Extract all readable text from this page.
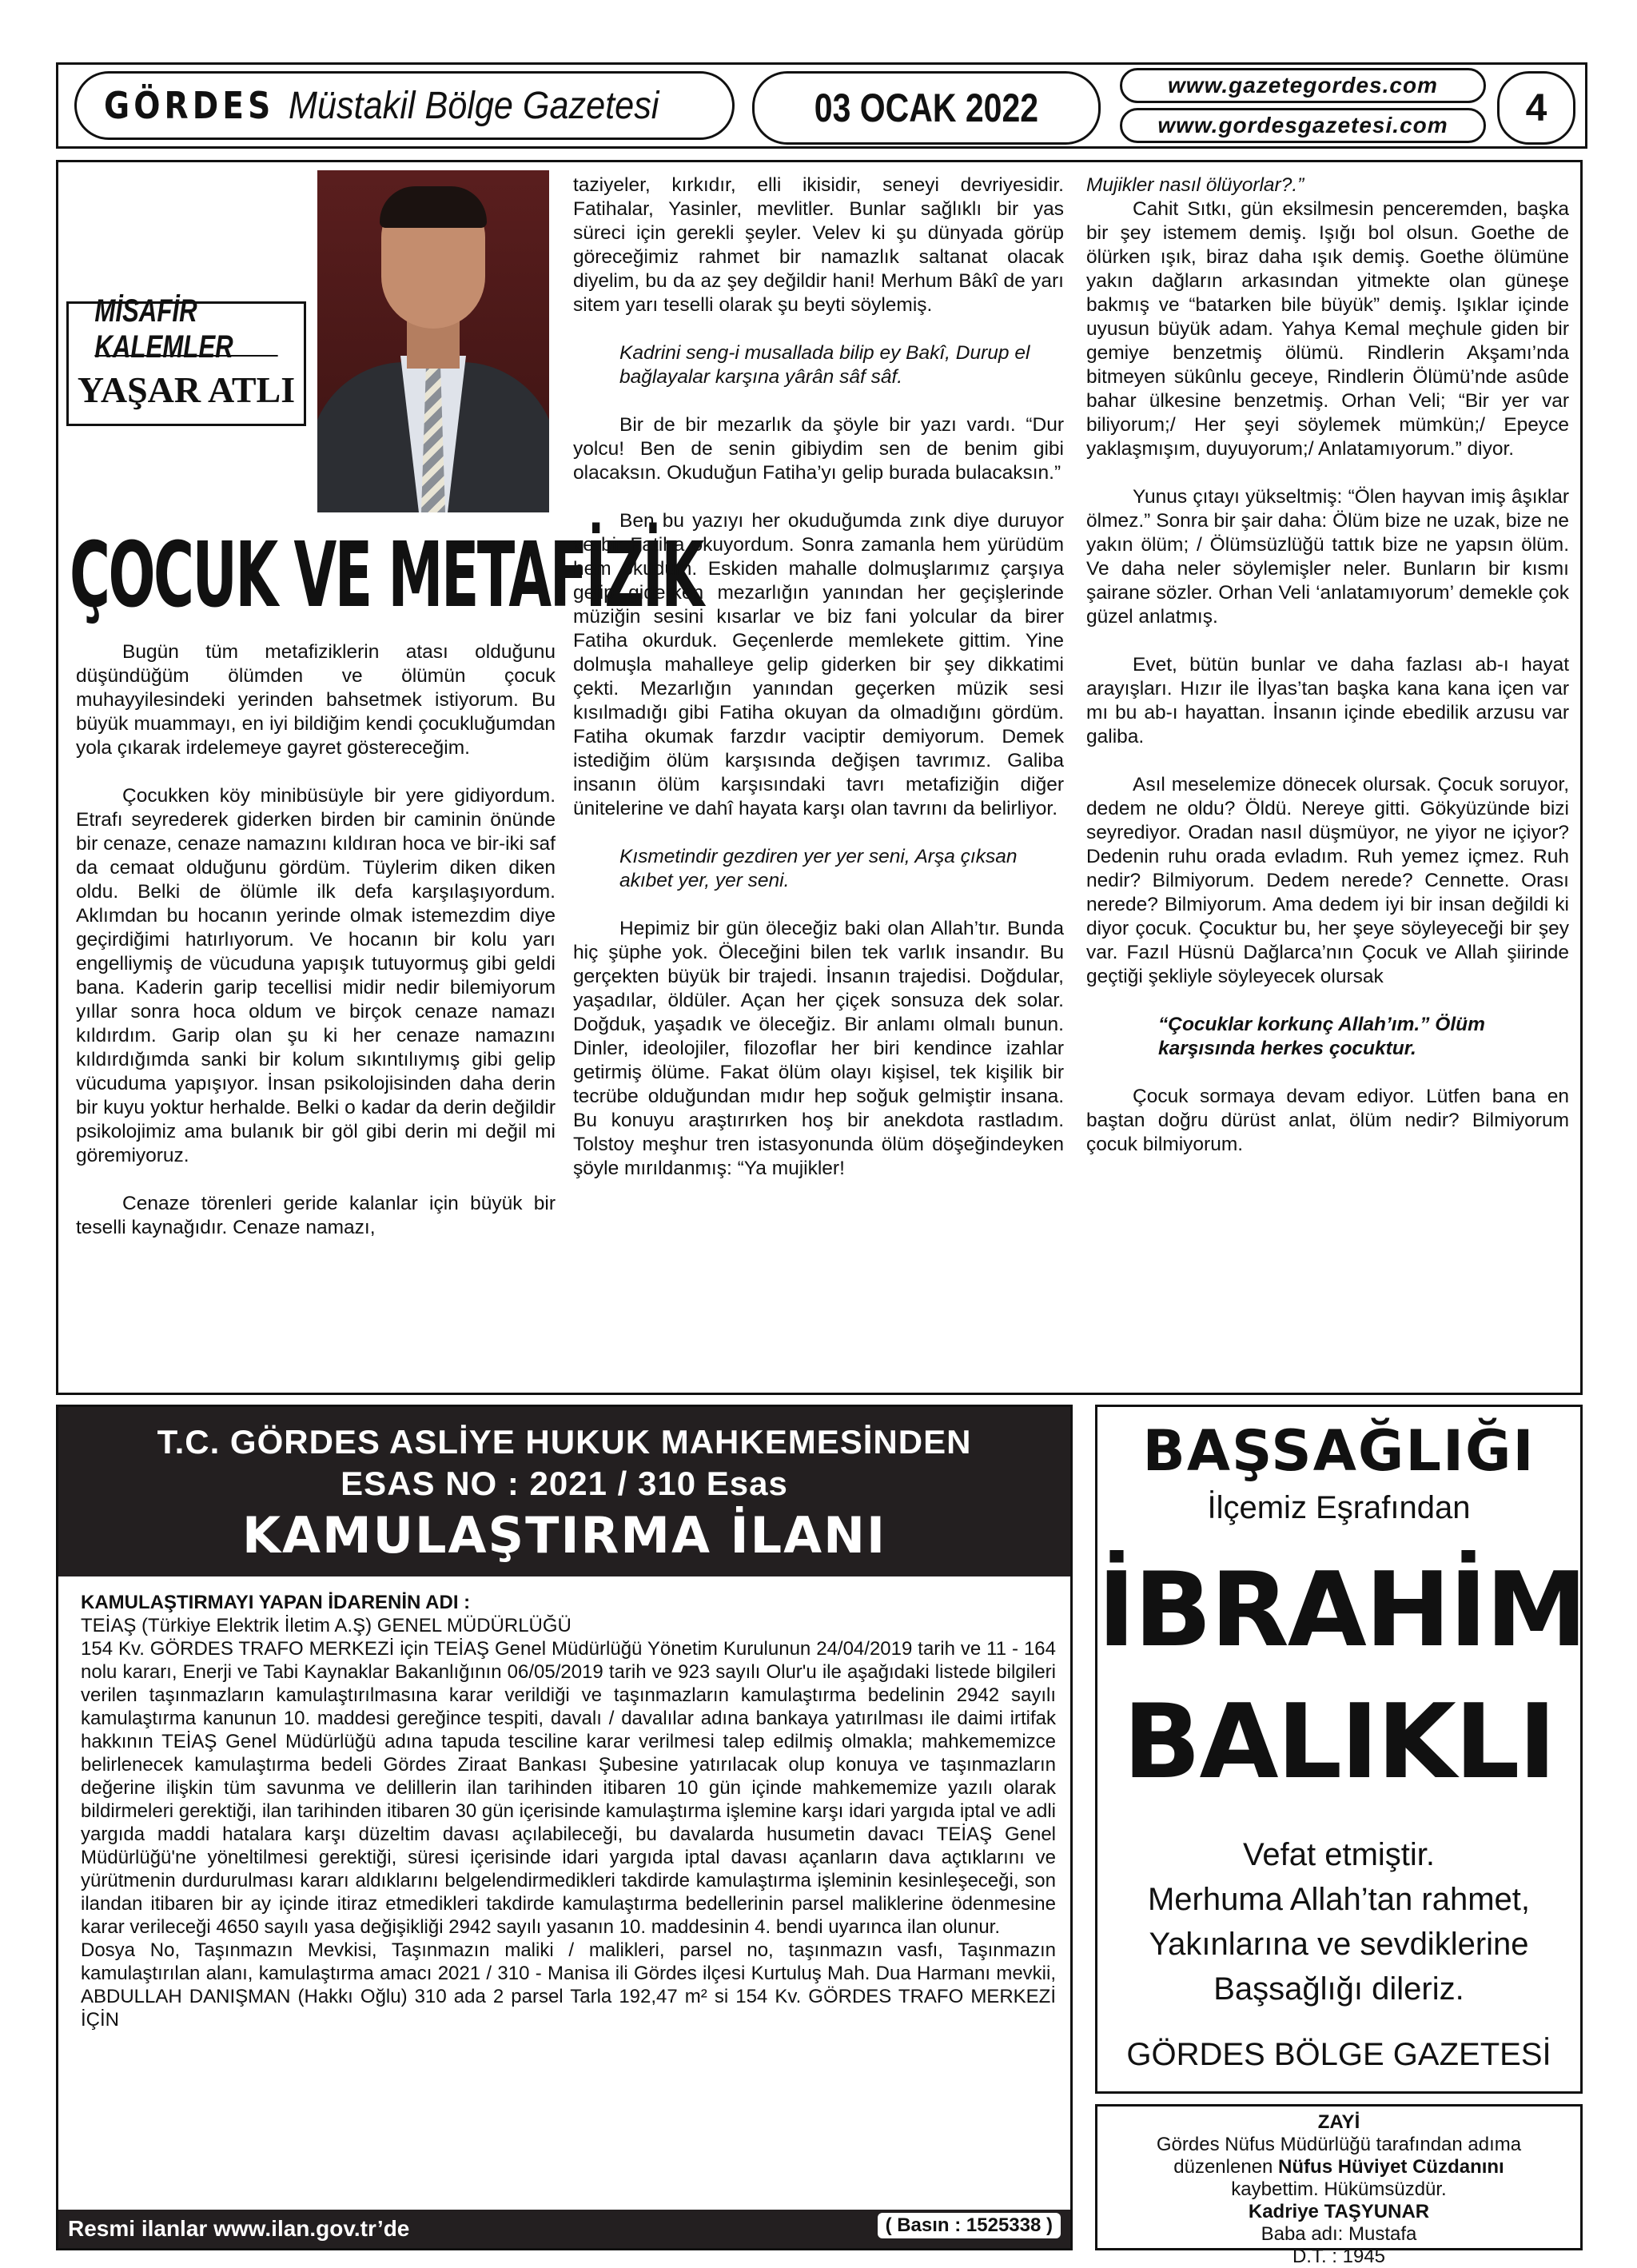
GÖRDES Müstakil Bölge Gazetesi	03 OCAK 2022
www.gazetegordes.com
www.gordesgazetesi.com	4
MİSAFİR KALEMLER
YAŞAR ATLI
ÇOCUK VE METAFİZİK

Bugün tüm metafiziklerin atası olduğunu düşündüğüm ölümden ve ölümün çocuk muhayyilesindeki yerinden bahsetmek istiyorum. Bu büyük muammayı, en iyi bildiğim kendi çocukluğumdan yola çıkarak irdelemeye gayret göstereceğim.

Çocukken köy minibüsüyle bir yere gidiyordum. Etrafı seyrederek giderken birden bir caminin önünde bir cenaze, cenaze namazını kıldıran hoca ve bir-iki saf da cemaat olduğunu gördüm. Tüylerim diken diken oldu. Belki de ölümle ilk defa karşılaşıyordum. Aklımdan bu hocanın yerinde olmak istemezdim diye geçirdiğimi hatırlıyorum. Ve hocanın bir kolu yarı engelliymiş de vücuduna yapışık tutuyormuş gibi geldi bana. Kaderin garip tecellisi midir nedir bilemiyorum yıllar sonra hoca oldum ve birçok cenaze namazı kıldırdım. Garip olan şu ki her cenaze namazını kıldırdığımda sanki bir kolum sıkıntılıymış gibi gelip vücuduma yapışıyor. İnsan psikolojisinden daha derin bir kuyu yoktur herhalde. Belki o kadar da derin değildir psikolojimiz ama bulanık bir göl gibi derin mi değil mi göremiyoruz.

Cenaze törenleri geride kalanlar için büyük bir teselli kaynağıdır. Cenaze namazı,

taziyeler, kırkıdır, elli ikisidir, seneyi devriyesidir. Fatihalar, Yasinler, mevlitler. Bunlar sağlıklı bir yas süreci için gerekli şeyler. Velev ki şu dünyada görüp göreceğimiz rahmet bir namazlık saltanat olacak diyelim, bu da az şey değildir hani! Merhum Bâkî de yarı sitem yarı teselli olarak şu beyti söylemiş.

Kadrini seng-i musallada bilip ey Bakî, Durup el bağlayalar karşına yârân sâf sâf.

Bir de bir mezarlık da şöyle bir yazı vardı. “Dur yolcu! Ben de senin gibiydim sen de benim gibi olacaksın. Okuduğun Fatiha’yı gelip burada bulacaksın.”

Ben bu yazıyı her okuduğumda zınk diye duruyor ve bir Fatiha okuyordum. Sonra zamanla hem yürüdüm hem okudum. Eskiden mahalle dolmuşlarımız çarşıya gelip giderken mezarlığın yanından her geçişlerinde müziğin sesini kısarlar ve biz fani yolcular da birer Fatiha okurduk. Geçenlerde memlekete gittim. Yine dolmuşla mahalleye gelip giderken bir şey dikkatimi çekti. Mezarlığın yanından geçerken müzik sesi kısılmadığı gibi Fatiha okuyan da olmadığını gördüm. Fatiha okumak farzdır vaciptir demiyorum. Demek istediğim ölüm karşısında değişen tavrımız. Galiba insanın ölüm karşısındaki tavrı metafiziğin diğer ünitelerine ve dahî hayata karşı olan tavrını da belirliyor.

Kısmetindir gezdiren yer yer seni, Arşa çıksan akıbet yer, yer seni.

Hepimiz bir gün öleceğiz baki olan Allah’tır. Bunda hiç şüphe yok. Öleceğini bilen tek varlık insandır. Bu gerçekten büyük bir trajedi. İnsanın trajedisi. Doğdular, yaşadılar, öldüler. Açan her çiçek sonsuza dek solar. Doğduk, yaşadık ve öleceğiz. Bir anlamı olmalı bunun. Dinler, ideolojiler, filozoflar her biri kendince izahlar getirmiş ölüme. Fakat ölüm olayı kişisel, tek kişilik bir tecrübe olduğundan mıdır hep soğuk gelmiştir insana. Bu konuyu araştırırken hoş bir anekdota rastladım. Tolstoy meşhur tren istasyonunda ölüm döşeğindeyken şöyle mırıldanmış: “Ya mujikler!

Mujikler nasıl ölüyorlar?.”

Cahit Sıtkı, gün eksilmesin penceremden, başka bir şey istemem demiş. Işığı bol olsun. Goethe de ölürken ışık, biraz daha ışık demiş. Goethe ölümüne yakın dağların arkasından yitmekte olan güneşe bakmış ve “batarken bile büyük” demiş. Işıklar içinde uyusun büyük adam. Yahya Kemal meçhule giden bir gemiye benzetmiş ölümü. Rindlerin Akşamı’nda bitmeyen sükûnlu geceye, Rindlerin Ölümü’nde asûde bahar ülkesine benzetmiş. Orhan Veli; “Bir yer var biliyorum;/ Her şeyi söylemek mümkün;/ Epeyce yaklaşmışım, duyuyorum;/ Anlatamıyorum.” diyor.

Yunus çıtayı yükseltmiş: “Ölen hayvan imiş âşıklar ölmez.” Sonra bir şair daha: Ölüm bize ne uzak, bize ne yakın ölüm; / Ölümsüzlüğü tattık bize ne yapsın ölüm. Ve daha neler söylemişler neler. Bunların bir kısmı şairane sözler. Orhan Veli ‘anlatamıyorum’ demekle çok güzel anlatmış.

Evet, bütün bunlar ve daha fazlası ab-ı hayat arayışları. Hızır ile İlyas’tan başka kana kana içen var mı bu ab-ı hayattan. İnsanın içinde ebedilik arzusu var galiba.

Asıl meselemize dönecek olursak. Çocuk soruyor, dedem ne oldu? Öldü. Nereye gitti. Gökyüzünde bizi seyrediyor. Oradan nasıl düşmüyor, ne yiyor ne içiyor? Dedenin ruhu orada evladım. Ruh yemez içmez. Ruh nedir? Bilmiyorum. Dedem nerede? Cennette. Orası nerede? Bilmiyorum. Ama dedem iyi bir insan değildi ki diyor çocuk. Çocuktur bu, her şeye söyleyeceği bir şey var. Fazıl Hüsnü Dağlarca’nın Çocuk ve Allah şiirinde geçtiği şekliyle söyleyecek olursak

“Çocuklar korkunç Allah’ım.” Ölüm karşısında herkes çocuktur.

Çocuk sormaya devam ediyor. Lütfen bana en baştan doğru dürüst anlat, ölüm nedir? Bilmiyorum çocuk bilmiyorum.

T.C. GÖRDES ASLİYE HUKUK MAHKEMESİNDEN
ESAS NO : 2021 / 310 Esas
KAMULAŞTIRMA İLANI
KAMULAŞTIRMAYI YAPAN İDARENİN ADI :
TEİAŞ (Türkiye Elektrik İletim A.Ş) GENEL MÜDÜRLÜĞÜ
154 Kv. GÖRDES TRAFO MERKEZİ için TEİAŞ Genel Müdürlüğü Yönetim Kurulunun 24/04/2019 tarih ve 11 - 164 nolu kararı, Enerji ve Tabi Kaynaklar Bakanlığının 06/05/2019 tarih ve 923 sayılı Olur'u ile aşağıdaki listede bilgileri verilen taşınmazların kamulaştırılmasına karar verildiği ve taşınmazların kamulaştırma bedelinin 2942 sayılı kamulaştırma kanunun 10. maddesi gereğince tespiti, davalı / davalılar adına bankaya yatırılması ile daimi irtifak hakkının TEİAŞ Genel Müdürlüğü adına tapuda tesciline karar verilmesi talep edilmiş olmakla; mahkememizce belirlenecek kamulaştırma bedeli Gördes Ziraat Bankası Şubesine yatırılacak olup konuya ve taşınmazların değerine ilişkin tüm savunma ve delillerin ilan tarihinden itibaren 10 gün içinde mahkememize yazılı olarak bildirmeleri gerektiği, ilan tarihinden itibaren 30 gün içerisinde kamulaştırma işlemine karşı idari yargıda iptal ve adli yargıda maddi hatalara karşı düzeltim davası açılabileceği, bu davalarda husumetin davacı TEİAŞ Genel Müdürlüğü'ne yöneltilmesi gerektiği, süresi içerisinde idari yargıda iptal davası açanların dava açtıklarını ve yürütmenin durdurulması kararı aldıklarını belgelendirmedikleri takdirde kamulaştırma işleminin kesinleşeceği, son ilandan itibaren bir ay içinde itiraz etmedikleri takdirde kamulaştırma bedellerinin parsel maliklerine ödenmesine karar verileceği 4650 sayılı yasa değişikliği 2942 sayılı yasanın 10. maddesinin 4. bendi uyarınca ilan olunur.
Dosya No, Taşınmazın Mevkisi, Taşınmazın maliki / malikleri, parsel no, taşınmazın vasfı, Taşınmazın kamulaştırılan alanı, kamulaştırma amacı 2021 / 310 - Manisa ili Gördes ilçesi Kurtuluş Mah. Dua Harmanı mevkii, ABDULLAH DANIŞMAN (Hakkı Oğlu) 310 ada 2 parsel Tarla 192,47 m² si 154 Kv. GÖRDES TRAFO MERKEZİ İÇİN
Resmi ilanlar www.ilan.gov.tr’de	( Basın : 1525338 )
BAŞSAĞLIĞI
İlçemiz Eşrafından
İBRAHİM
BALIKLI
Vefat etmiştir.
Merhuma Allah’tan rahmet,
Yakınlarına ve sevdiklerine
Başsağlığı dileriz.
GÖRDES BÖLGE GAZETESİ
ZAYİ
Gördes Nüfus Müdürlüğü tarafından adıma
düzenlenen Nüfus Hüviyet Cüzdanını
kaybettim. Hükümsüzdür.
Kadriye TAŞYUNAR
Baba adı: Mustafa
D.T. : 1945
